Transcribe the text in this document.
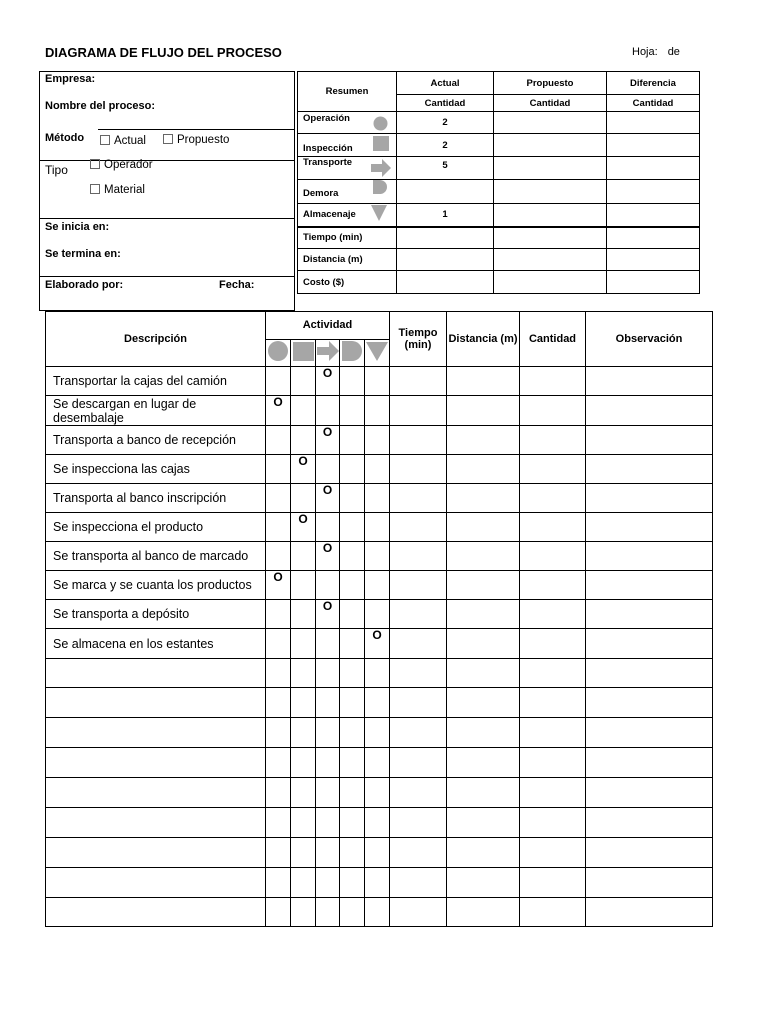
DIAGRAMA DE FLUJO DEL PROCESO	Hoja: de
Empresa:
Nombre del proceso:
Método	Actual	Propuesto
Tipo	Operador
Material
Se inicia en:
Se termina en:
Elaborado por:	Fecha:
Resumen	Actual	Propuesto	Diferencia
	Cantidad	Cantidad	Cantidad
Operación	2		
Inspección	2		
Transporte	5		
Demora

Almacenaje	1		
Tiempo (min)			
Distancia (m)			
Costo ($)			
Descripción	Actividad					Tiempo (min)	Distancia (m)	Cantidad	Observación

Transportar la cajas del camión			O						
Se descargan en lugar de desembalaje	O								
Transporta a banco de recepción			O						
Se inspecciona las cajas		O							
Transporta al banco inscripción			O						
Se inspecciona el producto		O							
Se transporta al banco de marcado			O						
Se marca y se cuanta los productos	O								
Se transporta a depósito			O						
Se almacena en los estantes					O				
